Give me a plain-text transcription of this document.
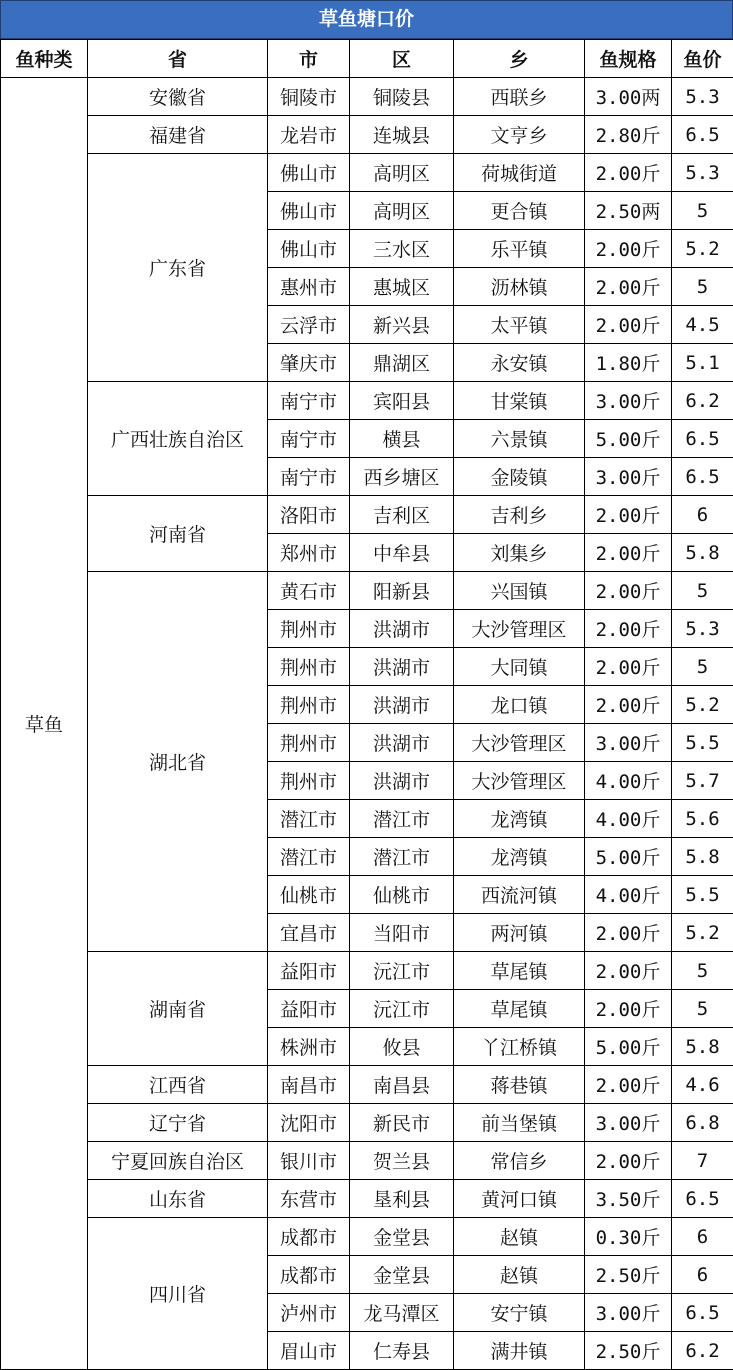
草鱼塘口价
鱼种类	省	市	区	乡	鱼规格	鱼价
草鱼	安徽省	铜陵市	铜陵县	西联乡	3.00两	5.3
	福建省	龙岩市	连城县	文亨乡	2.80斤	6.5
	广东省	佛山市	高明区	荷城街道	2.00斤	5.3
		佛山市	高明区	更合镇	2.50两	5
		佛山市	三水区	乐平镇	2.00斤	5.2
		惠州市	惠城区	沥林镇	2.00斤	5
		云浮市	新兴县	太平镇	2.00斤	4.5
		肇庆市	鼎湖区	永安镇	1.80斤	5.1
	广西壮族自治区	南宁市	宾阳县	甘棠镇	3.00斤	6.2
		南宁市	横县	六景镇	5.00斤	6.5
		南宁市	西乡塘区	金陵镇	3.00斤	6.5
	河南省	洛阳市	吉利区	吉利乡	2.00斤	6
		郑州市	中牟县	刘集乡	2.00斤	5.8
	湖北省	黄石市	阳新县	兴国镇	2.00斤	5
		荆州市	洪湖市	大沙管理区	2.00斤	5.3
		荆州市	洪湖市	大同镇	2.00斤	5
		荆州市	洪湖市	龙口镇	2.00斤	5.2
		荆州市	洪湖市	大沙管理区	3.00斤	5.5
		荆州市	洪湖市	大沙管理区	4.00斤	5.7
		潜江市	潜江市	龙湾镇	4.00斤	5.6
		潜江市	潜江市	龙湾镇	5.00斤	5.8
		仙桃市	仙桃市	西流河镇	4.00斤	5.5
		宜昌市	当阳市	两河镇	2.00斤	5.2
	湖南省	益阳市	沅江市	草尾镇	2.00斤	5
		益阳市	沅江市	草尾镇	2.00斤	5
		株洲市	攸县	丫江桥镇	5.00斤	5.8
	江西省	南昌市	南昌县	蒋巷镇	2.00斤	4.6
	辽宁省	沈阳市	新民市	前当堡镇	3.00斤	6.8
	宁夏回族自治区	银川市	贺兰县	常信乡	2.00斤	7
	山东省	东营市	垦利县	黄河口镇	3.50斤	6.5
	四川省	成都市	金堂县	赵镇	0.30斤	6
		成都市	金堂县	赵镇	2.50斤	6
		泸州市	龙马潭区	安宁镇	3.00斤	6.5
		眉山市	仁寿县	满井镇	2.50斤	6.2
